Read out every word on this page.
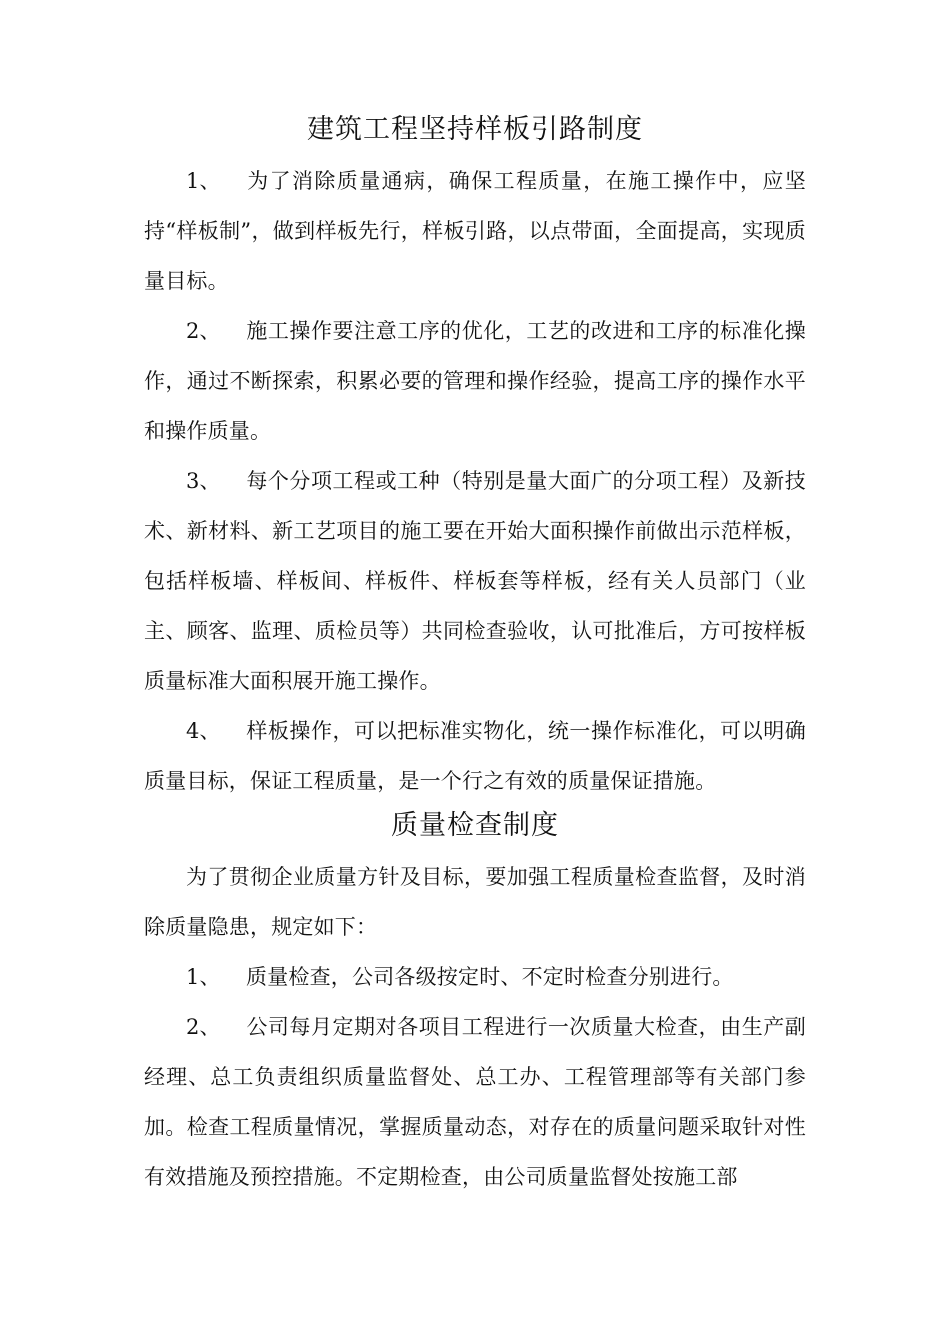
建筑工程坚持样板引路制度

1、 为了消除质量通病，确保工程质量，在施工操作中，应坚持“样板制”，做到样板先行，样板引路，以点带面，全面提高，实现质量目标。

2、 施工操作要注意工序的优化，工艺的改进和工序的标准化操作，通过不断探索，积累必要的管理和操作经验，提高工序的操作水平和操作质量。

3、 每个分项工程或工种（特别是量大面广的分项工程）及新技术、新材料、新工艺项目的施工要在开始大面积操作前做出示范样板，包括样板墙、样板间、样板件、样板套等样板，经有关人员部门（业主、顾客、监理、质检员等）共同检查验收，认可批准后，方可按样板质量标准大面积展开施工操作。

4、 样板操作，可以把标准实物化，统一操作标准化，可以明确质量目标，保证工程质量，是一个行之有效的质量保证措施。

质量检查制度

为了贯彻企业质量方针及目标，要加强工程质量检查监督，及时消除质量隐患，规定如下：

1、 质量检查，公司各级按定时、不定时检查分别进行。

2、 公司每月定期对各项目工程进行一次质量大检查，由生产副经理、总工负责组织质量监督处、总工办、工程管理部等有关部门参加。检查工程质量情况，掌握质量动态，对存在的质量问题采取针对性有效措施及预控措施。不定期检查，由公司质量监督处按施工部
